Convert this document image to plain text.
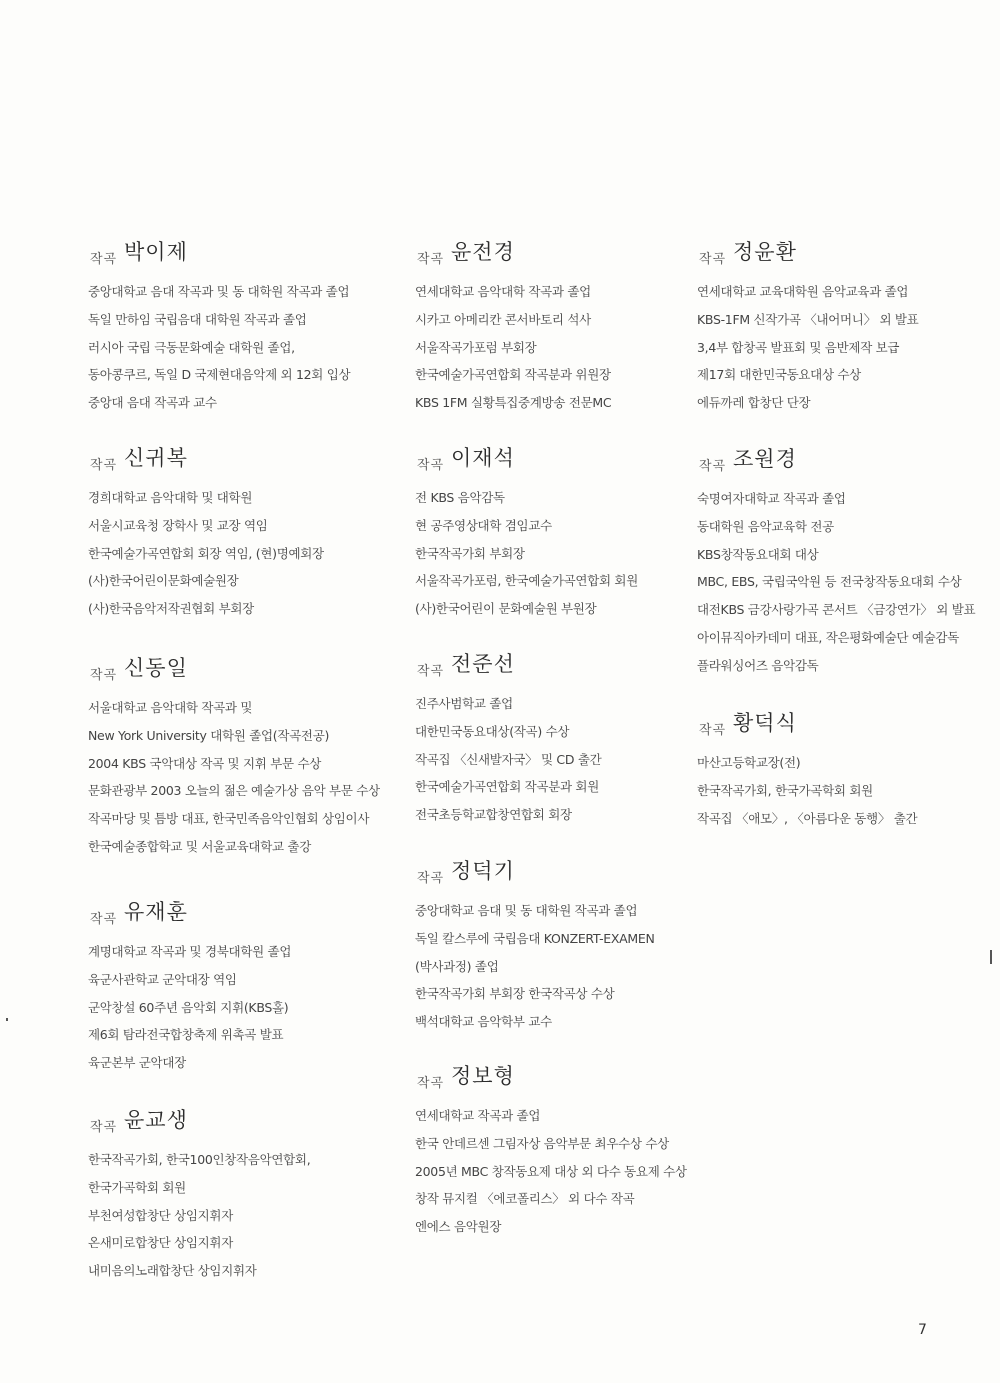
작곡 박이제
중앙대학교 음대 작곡과 및 동 대학원 작곡과 졸업
독일 만하임 국립음대 대학원 작곡과 졸업
러시아 국립 극동문화예술 대학원 졸업,
동아콩쿠르, 독일 D 국제현대음악제 외 12회 입상
중앙대 음대 작곡과 교수
작곡 신귀복
경희대학교 음악대학 및 대학원
서울시교육청 장학사 및 교장 역임
한국예술가곡연합회 회장 역임, (현)명예회장
(사)한국어린이문화예술원장
(사)한국음악저작권협회 부회장
작곡 신동일
서울대학교 음악대학 작곡과 및
New York University 대학원 졸업(작곡전공)
2004 KBS 국악대상 작곡 및 지휘 부문 수상
문화관광부 2003 오늘의 젊은 예술가상 음악 부문 수상
작곡마당 및 틈방 대표, 한국민족음악인협회 상임이사
한국예술종합학교 및 서울교육대학교 출강
작곡 유재훈
계명대학교 작곡과 및 경북대학원 졸업
육군사관학교 군악대장 역임
군악창설 60주년 음악회 지휘(KBS홀)
제6회 탐라전국합창축제 위촉곡 발표
육군본부 군악대장
작곡 윤교생
한국작곡가회, 한국100인창작음악연합회,
한국가곡학회 회원
부천여성합창단 상임지휘자
온새미로합창단 상임지휘자
내미음의노래합창단 상임지휘자
작곡 윤전경
연세대학교 음악대학 작곡과 졸업
시카고 아메리칸 콘서바토리 석사
서울작곡가포럼 부회장
한국예술가곡연합회 작곡분과 위원장
KBS 1FM 실황특집중계방송 전문MC
작곡 이재석
전 KBS 음악감독
현 공주영상대학 겸임교수
한국작곡가회 부회장
서울작곡가포럼, 한국예술가곡연합회 회원
(사)한국어린이 문화예술원 부원장
작곡 전준선
진주사범학교 졸업
대한민국동요대상(작곡) 수상
작곡집 〈신새발자국〉 및 CD 출간
한국예술가곡연합회 작곡분과 회원
전국초등학교합창연합회 회장
작곡 정덕기
중앙대학교 음대 및 동 대학원 작곡과 졸업
독일 칼스루에 국립음대 KONZERT-EXAMEN
(박사과정) 졸업
한국작곡가회 부회장 한국작곡상 수상
백석대학교 음악학부 교수
작곡 정보형
연세대학교 작곡과 졸업
한국 안데르센 그림자상 음악부문 최우수상 수상
2005년 MBC 창작동요제 대상 외 다수 동요제 수상
창작 뮤지컬 〈에코폴리스〉 외 다수 작곡
엔에스 음악원장
작곡 정윤환
연세대학교 교육대학원 음악교육과 졸업
KBS-1FM 신작가곡 〈내어머니〉 외 발표
3,4부 합창곡 발표회 및 음반제작 보급
제17회 대한민국동요대상 수상
에듀까레 합창단 단장
작곡 조원경
숙명여자대학교 작곡과 졸업
동대학원 음악교육학 전공
KBS창작동요대회 대상
MBC, EBS, 국립국악원 등 전국창작동요대회 수상
대전KBS 금강사랑가곡 콘서트 〈금강연가〉 외 발표
아이뮤직아카데미 대표, 작은평화예술단 예술감독
플라워싱어즈 음악감독
작곡 황덕식
마산고등학교장(전)
한국작곡가회, 한국가곡학회 회원
작곡집 〈애모〉, 〈아름다운 동행〉 출간
7
